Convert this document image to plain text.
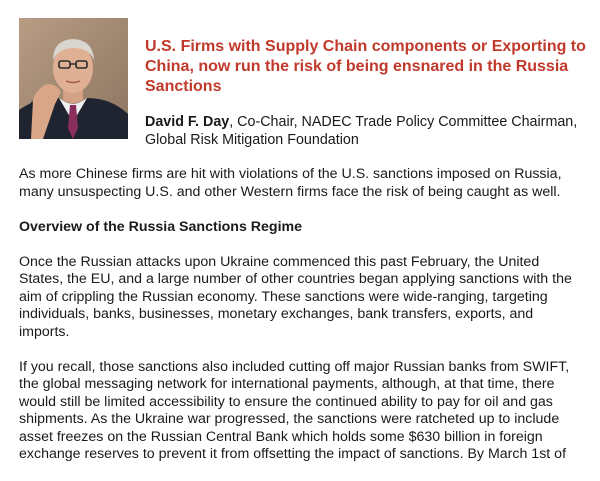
U.S. Firms with Supply Chain components or Exporting to China, now run the risk of being ensnared in the Russia Sanctions

David F. Day, Co-Chair, NADEC Trade Policy Committee Chairman, Global Risk Mitigation Foundation

As more Chinese firms are hit with violations of the U.S. sanctions imposed on Russia, many unsuspecting U.S. and other Western firms face the risk of being caught as well.

Overview of the Russia Sanctions Regime

Once the Russian attacks upon Ukraine commenced this past February, the United States, the EU, and a large number of other countries began applying sanctions with the aim of crippling the Russian economy. These sanctions were wide-ranging, targeting individuals, banks, businesses, monetary exchanges, bank transfers, exports, and imports.

If you recall, those sanctions also included cutting off major Russian banks from SWIFT, the global messaging network for international payments, although, at that time, there would still be limited accessibility to ensure the continued ability to pay for oil and gas shipments. As the Ukraine war progressed, the sanctions were ratcheted up to include asset freezes on the Russian Central Bank which holds some $630 billion in foreign exchange reserves to prevent it from offsetting the impact of sanctions. By March 1st of
